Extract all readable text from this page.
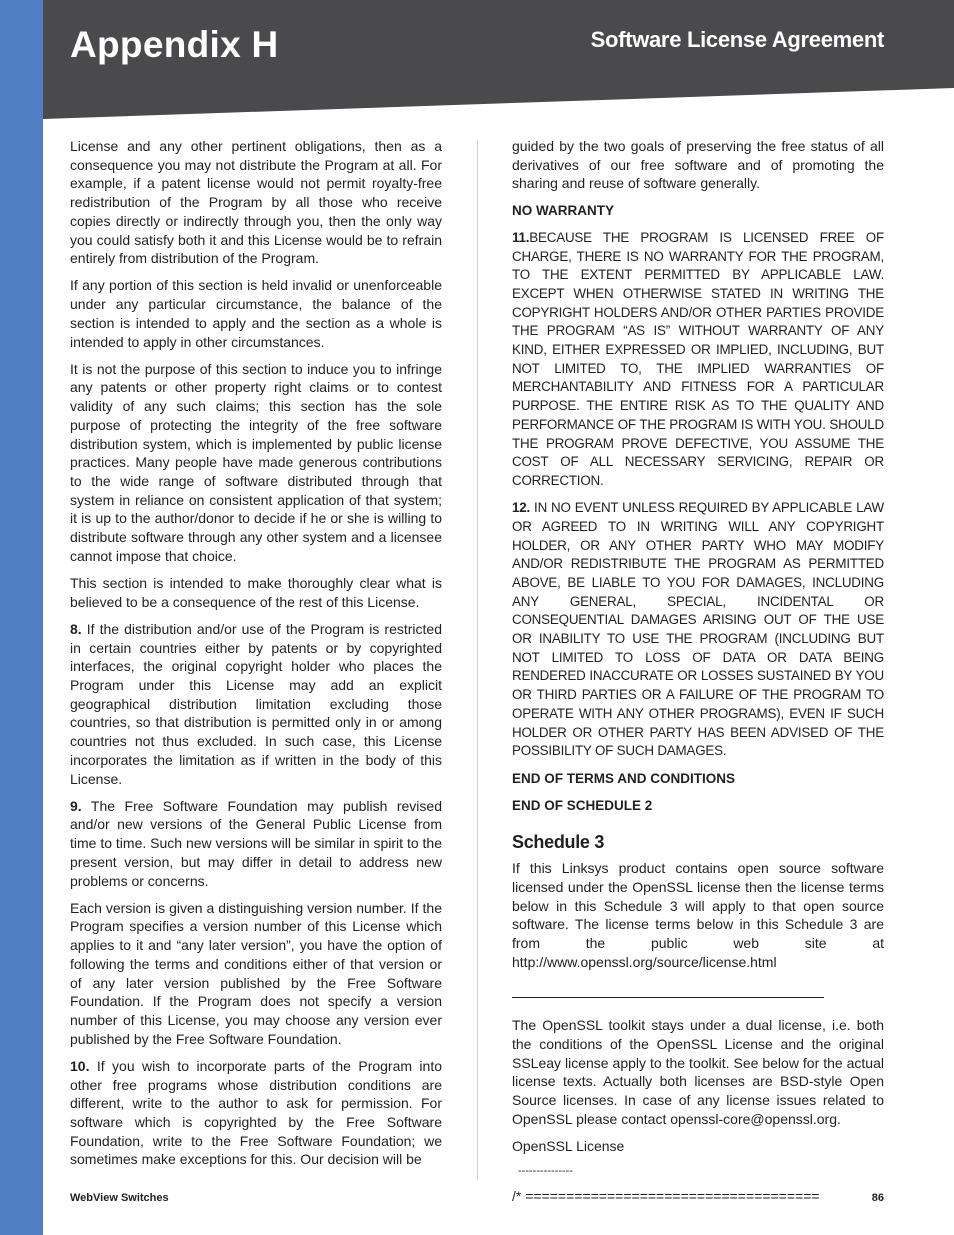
Appendix H	Software License Agreement

License and any other pertinent obligations, then as a consequence you may not distribute the Program at all. For example, if a patent license would not permit royalty-free redistribution of the Program by all those who receive copies directly or indirectly through you, then the only way you could satisfy both it and this License would be to refrain entirely from distribution of the Program.

If any portion of this section is held invalid or unenforceable under any particular circumstance, the balance of the section is intended to apply and the section as a whole is intended to apply in other circumstances.

It is not the purpose of this section to induce you to infringe any patents or other property right claims or to contest validity of any such claims; this section has the sole purpose of protecting the integrity of the free software distribution system, which is implemented by public license practices. Many people have made generous contributions to the wide range of software distributed through that system in reliance on consistent application of that system; it is up to the author/donor to decide if he or she is willing to distribute software through any other system and a licensee cannot impose that choice.

This section is intended to make thoroughly clear what is believed to be a consequence of the rest of this License.

8. If the distribution and/or use of the Program is restricted in certain countries either by patents or by copyrighted interfaces, the original copyright holder who places the Program under this License may add an explicit geographical distribution limitation excluding those countries, so that distribution is permitted only in or among countries not thus excluded. In such case, this License incorporates the limitation as if written in the body of this License.

9. The Free Software Foundation may publish revised and/or new versions of the General Public License from time to time. Such new versions will be similar in spirit to the present version, but may differ in detail to address new problems or concerns.

Each version is given a distinguishing version number. If the Program specifies a version number of this License which applies to it and “any later version”, you have the option of following the terms and conditions either of that version or of any later version published by the Free Software Foundation. If the Program does not specify a version number of this License, you may choose any version ever published by the Free Software Foundation.

10. If you wish to incorporate parts of the Program into other free programs whose distribution conditions are different, write to the author to ask for permission. For software which is copyrighted by the Free Software Foundation, write to the Free Software Foundation; we sometimes make exceptions for this. Our decision will be

guided by the two goals of preserving the free status of all derivatives of our free software and of promoting the sharing and reuse of software generally.

NO WARRANTY

11.BECAUSE THE PROGRAM IS LICENSED FREE OF CHARGE, THERE IS NO WARRANTY FOR THE PROGRAM, TO THE EXTENT PERMITTED BY APPLICABLE LAW. EXCEPT WHEN OTHERWISE STATED IN WRITING THE COPYRIGHT HOLDERS AND/OR OTHER PARTIES PROVIDE THE PROGRAM “AS IS” WITHOUT WARRANTY OF ANY KIND, EITHER EXPRESSED OR IMPLIED, INCLUDING, BUT NOT LIMITED TO, THE IMPLIED WARRANTIES OF MERCHANTABILITY AND FITNESS FOR A PARTICULAR PURPOSE. THE ENTIRE RISK AS TO THE QUALITY AND PERFORMANCE OF THE PROGRAM IS WITH YOU. SHOULD THE PROGRAM PROVE DEFECTIVE, YOU ASSUME THE COST OF ALL NECESSARY SERVICING, REPAIR OR CORRECTION.

12. IN NO EVENT UNLESS REQUIRED BY APPLICABLE LAW OR AGREED TO IN WRITING WILL ANY COPYRIGHT HOLDER, OR ANY OTHER PARTY WHO MAY MODIFY AND/OR REDISTRIBUTE THE PROGRAM AS PERMITTED ABOVE, BE LIABLE TO YOU FOR DAMAGES, INCLUDING ANY GENERAL, SPECIAL, INCIDENTAL OR CONSEQUENTIAL DAMAGES ARISING OUT OF THE USE OR INABILITY TO USE THE PROGRAM (INCLUDING BUT NOT LIMITED TO LOSS OF DATA OR DATA BEING RENDERED INACCURATE OR LOSSES SUSTAINED BY YOU OR THIRD PARTIES OR A FAILURE OF THE PROGRAM TO OPERATE WITH ANY OTHER PROGRAMS), EVEN IF SUCH HOLDER OR OTHER PARTY HAS BEEN ADVISED OF THE POSSIBILITY OF SUCH DAMAGES.

END OF TERMS AND CONDITIONS

END OF SCHEDULE 2

Schedule 3

If this Linksys product contains open source software licensed under the OpenSSL license then the license terms below in this Schedule 3 will apply to that open source software. The license terms below in this Schedule 3 are from the public web site at http://www.openssl.org/source/license.html

The OpenSSL toolkit stays under a dual license, i.e. both the conditions of the OpenSSL License and the original SSLeay license apply to the toolkit. See below for the actual license texts. Actually both licenses are BSD-style Open Source licenses. In case of any license issues related to OpenSSL please contact openssl-core@openssl.org.

OpenSSL License

---------------
/* ====================================
WebView Switches	86
